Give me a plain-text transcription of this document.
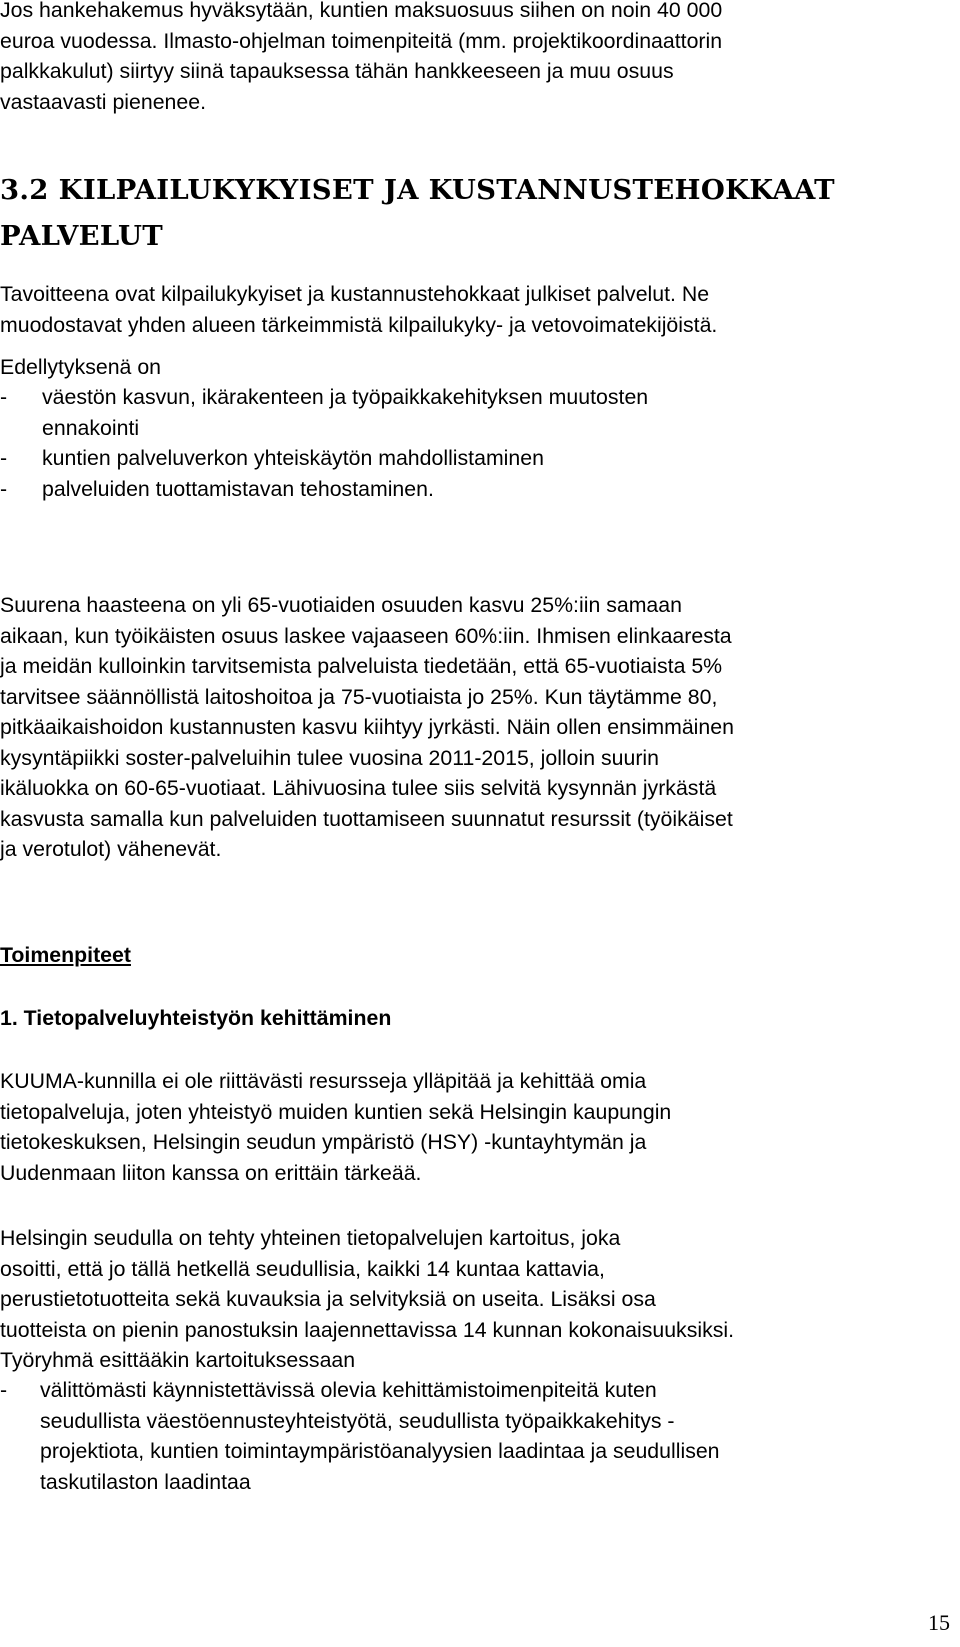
Jos hankehakemus hyväksytään, kuntien maksuosuus siihen on noin 40 000
euroa vuodessa. Ilmasto-ohjelman toimenpiteitä (mm. projektikoordinaattorin
palkkakulut) siirtyy siinä tapauksessa tähän hankkeeseen ja muu osuus
vastaavasti pienenee.
3.2 KILPAILUKYKYISET JA KUSTANNUSTEHOKKAAT
PALVELUT
Tavoitteena ovat kilpailukykyiset ja kustannustehokkaat julkiset palvelut. Ne
muodostavat yhden alueen tärkeimmistä kilpailukyky- ja vetovoimatekijöistä.
Edellytyksenä on
- väestön kasvun, ikärakenteen ja työpaikkakehityksen muutosten
ennakointi
- kuntien palveluverkon yhteiskäytön mahdollistaminen
- palveluiden tuottamistavan tehostaminen.
Suurena haasteena on yli 65-vuotiaiden osuuden kasvu 25%:iin samaan
aikaan, kun työikäisten osuus laskee vajaaseen 60%:iin. Ihmisen elinkaaresta
ja meidän kulloinkin tarvitsemista palveluista tiedetään, että 65-vuotiaista 5%
tarvitsee säännöllistä laitoshoitoa ja 75-vuotiaista jo 25%. Kun täytämme 80,
pitkäaikaishoidon kustannusten kasvu kiihtyy jyrkästi. Näin ollen ensimmäinen
kysyntäpiikki soster-palveluihin tulee vuosina 2011-2015, jolloin suurin
ikäluokka on 60-65-vuotiaat. Lähivuosina tulee siis selvitä kysynnän jyrkästä
kasvusta samalla kun palveluiden tuottamiseen suunnatut resurssit (työikäiset
ja verotulot) vähenevät.
Toimenpiteet
1. Tietopalveluyhteistyön kehittäminen
KUUMA-kunnilla ei ole riittävästi resursseja ylläpitää ja kehittää omia
tietopalveluja, joten yhteistyö muiden kuntien sekä Helsingin kaupungin
tietokeskuksen, Helsingin seudun ympäristö (HSY) -kuntayhtymän ja
Uudenmaan liiton kanssa on erittäin tärkeää.
Helsingin seudulla on tehty yhteinen tietopalvelujen kartoitus, joka
osoitti, että jo tällä hetkellä seudullisia, kaikki 14 kuntaa kattavia,
perustietotuotteita sekä kuvauksia ja selvityksiä on useita. Lisäksi osa
tuotteista on pienin panostuksin laajennettavissa 14 kunnan kokonaisuuksiksi.
Työryhmä esittääkin kartoituksessaan
- välittömästi käynnistettävissä olevia kehittämistoimenpiteitä kuten
seudullista väestöennusteyhteistyötä, seudullista työpaikkakehitys -
projektiota, kuntien toimintaympäristöanalyysien laadintaa ja seudullisen
taskutilaston laadintaa
15
